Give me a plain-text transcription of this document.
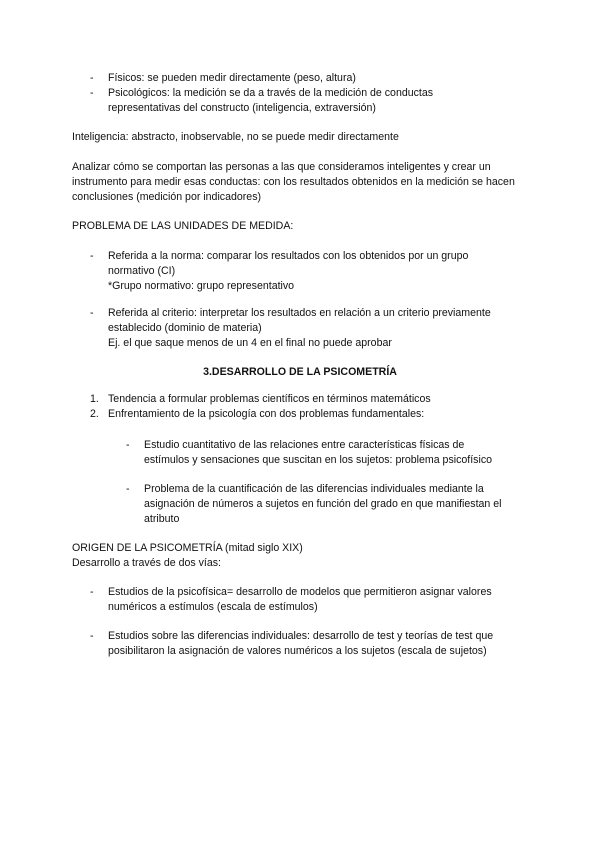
- Físicos: se pueden medir directamente (peso, altura)
- Psicológicos: la medición se da a través de la medición de conductas representativas del constructo (inteligencia, extraversión)
Inteligencia: abstracto, inobservable, no se puede medir directamente
Analizar cómo se comportan las personas a las que consideramos inteligentes y crear un instrumento para medir esas conductas: con los resultados obtenidos en la medición se hacen conclusiones (medición por indicadores)
PROBLEMA DE LAS UNIDADES DE MEDIDA:
- Referida a la norma: comparar los resultados con los obtenidos por un grupo
normativo (CI)
*Grupo normativo: grupo representativo
- Referida al criterio: interpretar los resultados en relación a un criterio previamente
establecido (dominio de materia)
Ej. el que saque menos de un 4 en el final no puede aprobar
3.DESARROLLO DE LA PSICOMETRÍA
1. Tendencia a formular problemas científicos en términos matemáticos
2. Enfrentamiento de la psicología con dos problemas fundamentales:
- Estudio cuantitativo de las relaciones entre características físicas de
estímulos y sensaciones que suscitan en los sujetos: problema psicofísico
- Problema de la cuantificación de las diferencias individuales mediante la
asignación de números a sujetos en función del grado en que manifiestan el
atributo
ORIGEN DE LA PSICOMETRÍA (mitad siglo XIX)
Desarrollo a través de dos vías:
- Estudios de la psicofísica= desarrollo de modelos que permitieron asignar valores
numéricos a estímulos (escala de estímulos)
- Estudios sobre las diferencias individuales: desarrollo de test y teorías de test que
posibilitaron la asignación de valores numéricos a los sujetos (escala de sujetos)
